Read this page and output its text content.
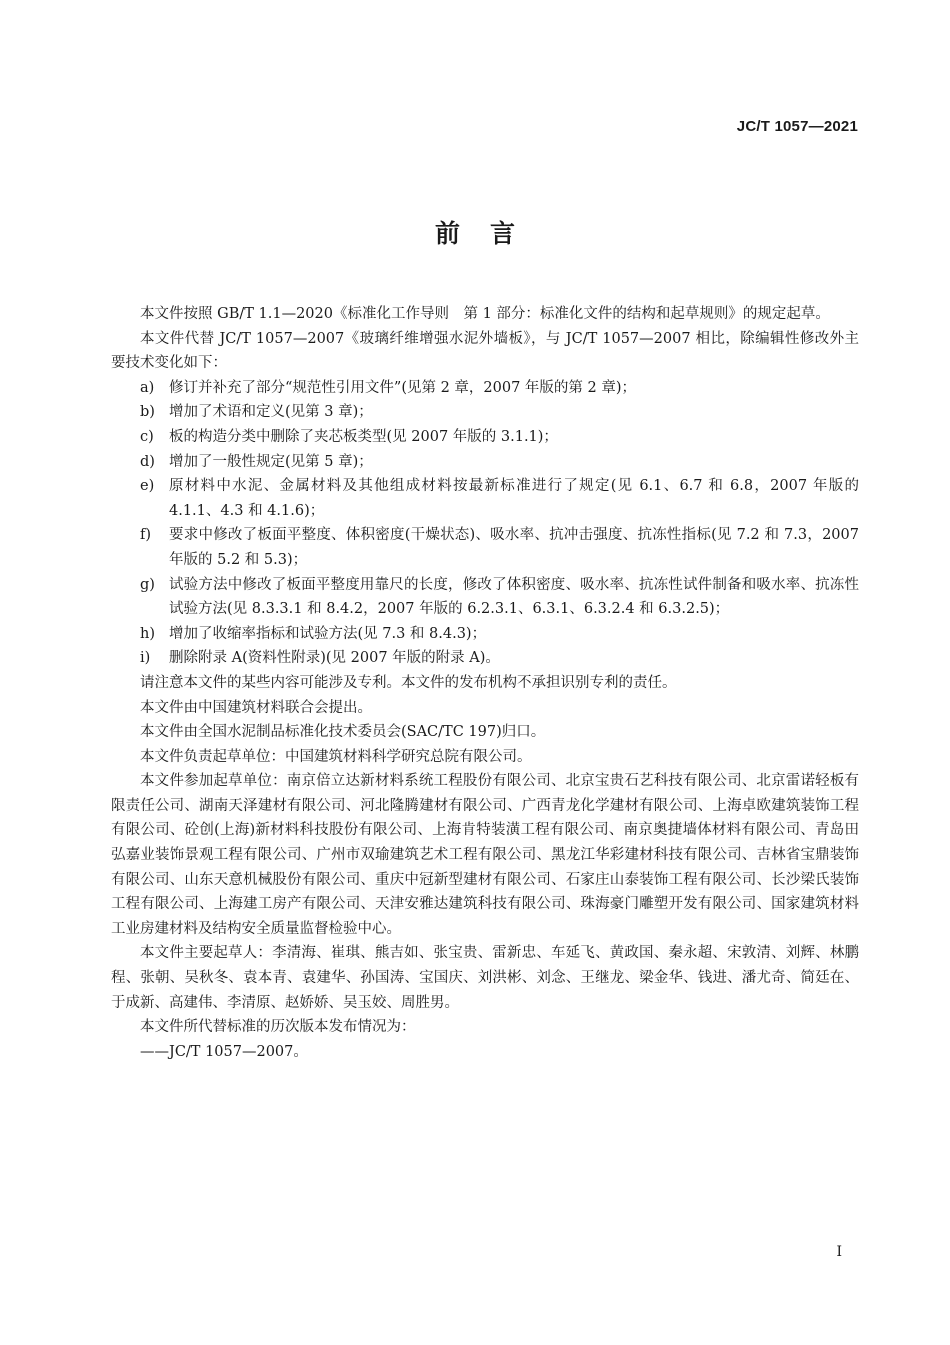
JC/T 1057—2021
前言

本文件按照 GB/T 1.1—2020《标准化工作导则　第 1 部分：标准化文件的结构和起草规则》的规定起草。

本文件代替 JC/T 1057—2007《玻璃纤维增强水泥外墙板》，与 JC/T 1057—2007 相比，除编辑性修改外主要技术变化如下：

a)	修订并补充了部分“规范性引用文件”(见第 2 章，2007 年版的第 2 章)；
b) 增加了术语和定义(见第 3 章)；
c)	板的构造分类中删除了夹芯板类型(见 2007 年版的 3.1.1)；
d) 增加了一般性规定(见第 5 章)；
e)	原材料中水泥、金属材料及其他组成材料按最新标准进行了规定(见 6.1、6.7 和 6.8，2007 年版的 4.1.1、4.3 和 4.1.6)；
f)	要求中修改了板面平整度、体积密度(干燥状态)、吸水率、抗冲击强度、抗冻性指标(见 7.2 和 7.3，2007 年版的 5.2 和 5.3)；
g) 试验方法中修改了板面平整度用靠尺的长度，修改了体积密度、吸水率、抗冻性试件制备和吸水率、抗冻性试验方法(见 8.3.3.1 和 8.4.2，2007 年版的 6.2.3.1、6.3.1、6.3.2.4 和 6.3.2.5)；
h) 增加了收缩率指标和试验方法(见 7.3 和 8.4.3)；
i)	删除附录 A(资料性附录)(见 2007 年版的附录 A)。

请注意本文件的某些内容可能涉及专利。本文件的发布机构不承担识别专利的责任。

本文件由中国建筑材料联合会提出。

本文件由全国水泥制品标准化技术委员会(SAC/TC 197)归口。

本文件负责起草单位：中国建筑材料科学研究总院有限公司。

本文件参加起草单位：南京倍立达新材料系统工程股份有限公司、北京宝贵石艺科技有限公司、北京雷诺轻板有限责任公司、湖南天泽建材有限公司、河北隆腾建材有限公司、广西青龙化学建材有限公司、上海卓欧建筑装饰工程有限公司、砼创(上海)新材料科技股份有限公司、上海肯特装潢工程有限公司、南京奥捷墙体材料有限公司、青岛田弘嘉业装饰景观工程有限公司、广州市双瑜建筑艺术工程有限公司、黑龙江华彩建材科技有限公司、吉林省宝鼎装饰有限公司、山东天意机械股份有限公司、重庆中冠新型建材有限公司、石家庄山泰装饰工程有限公司、长沙梁氏装饰工程有限公司、上海建工房产有限公司、天津安雅达建筑科技有限公司、珠海豪门雕塑开发有限公司、国家建筑材料工业房建材料及结构安全质量监督检验中心。

本文件主要起草人：李清海、崔琪、熊吉如、张宝贵、雷新忠、车延飞、黄政国、秦永超、宋敦清、刘辉、林鹏程、张朝、吴秋冬、袁本青、袁建华、孙国涛、宝国庆、刘洪彬、刘念、王继龙、梁金华、钱进、潘尤奇、简廷在、于成新、高建伟、李清原、赵娇娇、吴玉姣、周胜男。

本文件所代替标准的历次版本发布情况为：

——JC/T 1057—2007。

I
